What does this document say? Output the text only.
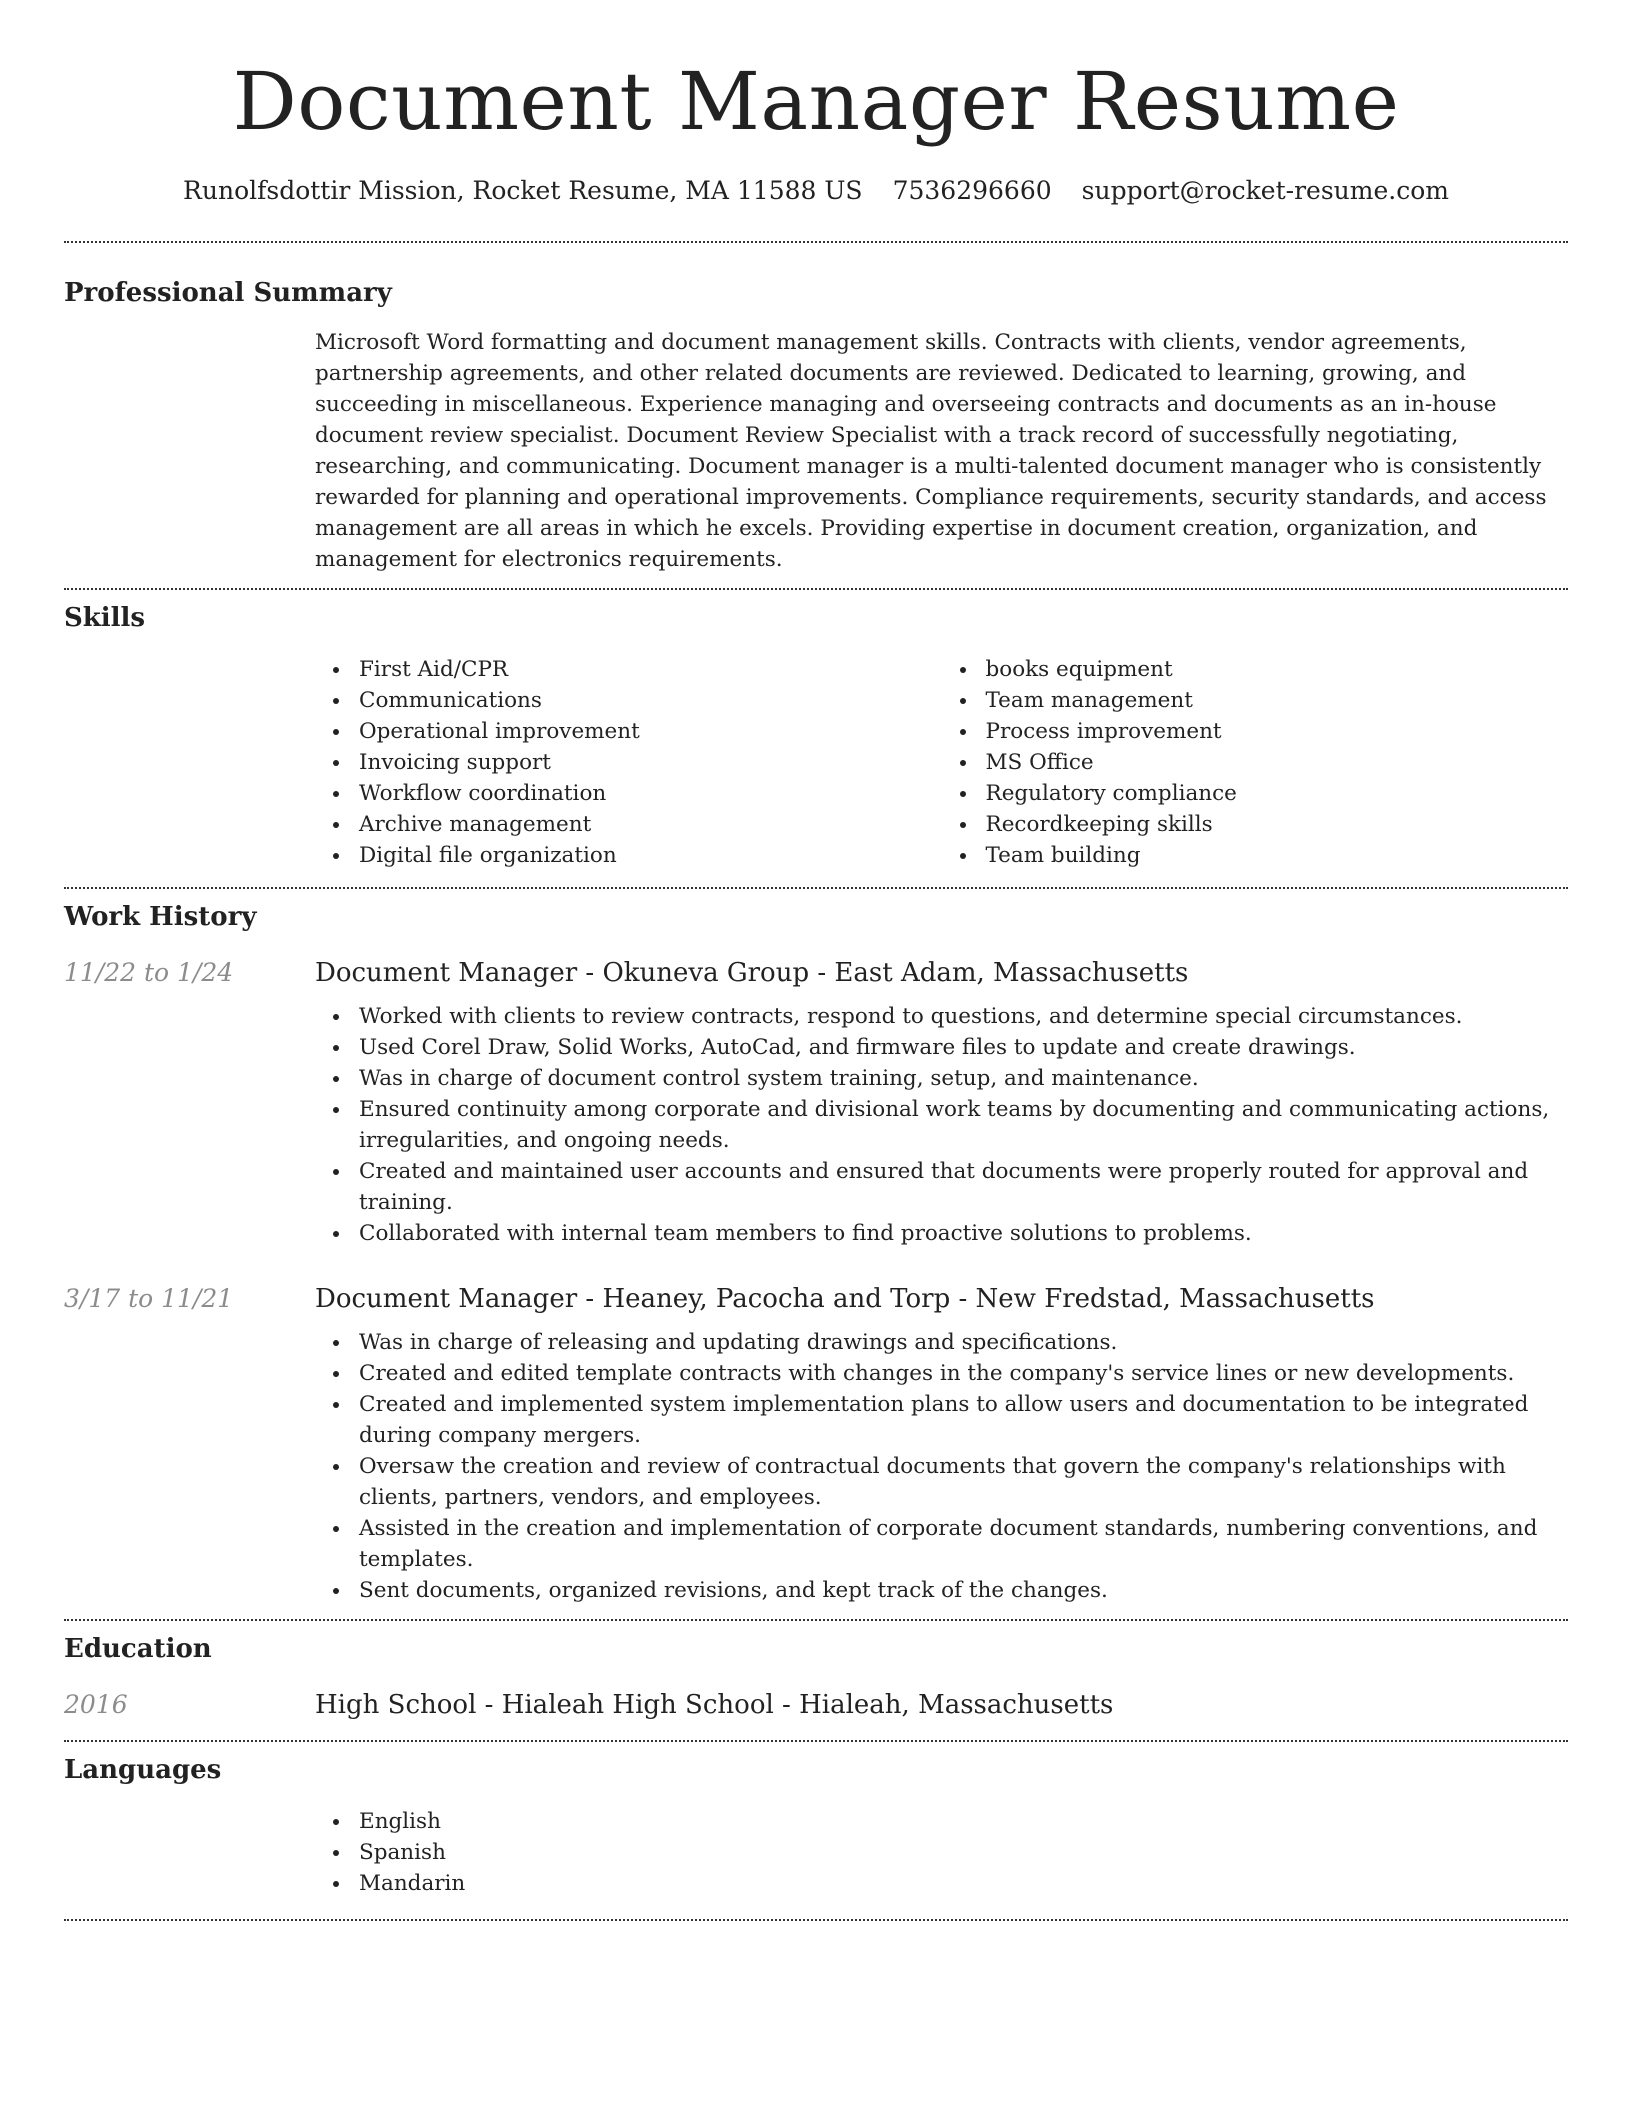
Document Manager Resume
Runolfsdottir Mission, Rocket Resume, MA 11588 US 7536296660 support@rocket-resume.com
Professional Summary

Microsoft Word formatting and document management skills. Contracts with clients, vendor agreements, partnership agreements, and other related documents are reviewed. Dedicated to learning, growing, and succeeding in miscellaneous. Experience managing and overseeing contracts and documents as an in-house document review specialist. Document Review Specialist with a track record of successfully negotiating, researching, and communicating. Document manager is a multi-talented document manager who is consistently rewarded for planning and operational improvements. Compliance requirements, security standards, and access management are all areas in which he excels. Providing expertise in document creation, organization, and management for electronics requirements.

Skills
First Aid/CPR
Communications
Operational improvement
Invoicing support
Workflow coordination
Archive management
Digital file organization
books equipment
Team management
Process improvement
MS Office
Regulatory compliance
Recordkeeping skills
Team building
Work History
11/22 to 1/24	Document Manager - Okuneva Group - East Adam, Massachusetts
Worked with clients to review contracts, respond to questions, and determine special circumstances.
Used Corel Draw, Solid Works, AutoCad, and firmware files to update and create drawings.
Was in charge of document control system training, setup, and maintenance.
Ensured continuity among corporate and divisional work teams by documenting and communicating actions, irregularities, and ongoing needs.
Created and maintained user accounts and ensured that documents were properly routed for approval and training.
Collaborated with internal team members to find proactive solutions to problems.
3/17 to 11/21	Document Manager - Heaney, Pacocha and Torp - New Fredstad, Massachusetts
Was in charge of releasing and updating drawings and specifications.
Created and edited template contracts with changes in the company's service lines or new developments.
Created and implemented system implementation plans to allow users and documentation to be integrated during company mergers.
Oversaw the creation and review of contractual documents that govern the company's relationships with clients, partners, vendors, and employees.
Assisted in the creation and implementation of corporate document standards, numbering conventions, and templates.
Sent documents, organized revisions, and kept track of the changes.
Education
2016	High School - Hialeah High School - Hialeah, Massachusetts
Languages
English
Spanish
Mandarin
